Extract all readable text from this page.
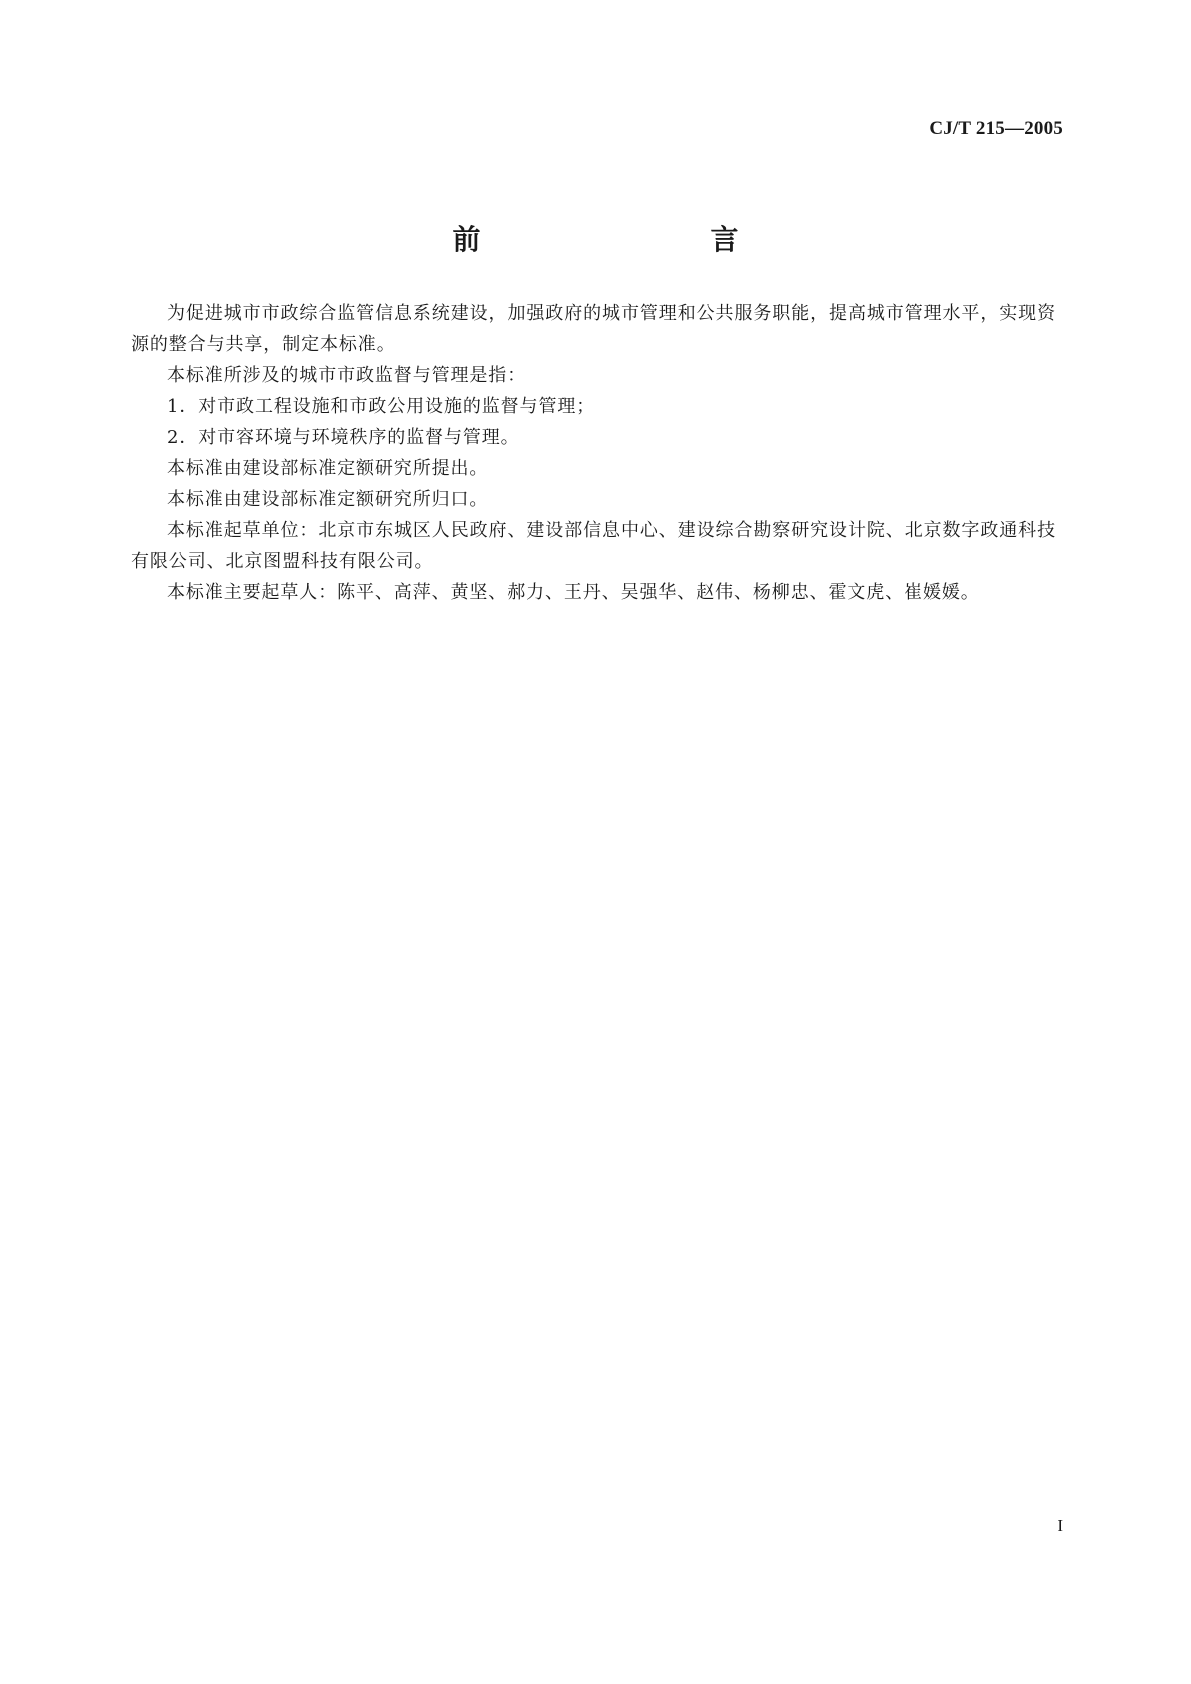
CJ/T 215—2005
前　　言

为促进城市市政综合监管信息系统建设，加强政府的城市管理和公共服务职能，提高城市管理水平，实现资源的整合与共享，制定本标准。

本标准所涉及的城市市政监督与管理是指：

1．对市政工程设施和市政公用设施的监督与管理；

2．对市容环境与环境秩序的监督与管理。

本标准由建设部标准定额研究所提出。

本标准由建设部标准定额研究所归口。

本标准起草单位：北京市东城区人民政府、建设部信息中心、建设综合勘察研究设计院、北京数字政通科技有限公司、北京图盟科技有限公司。

本标准主要起草人：陈平、高萍、黄坚、郝力、王丹、吴强华、赵伟、杨柳忠、霍文虎、崔媛媛。

I
